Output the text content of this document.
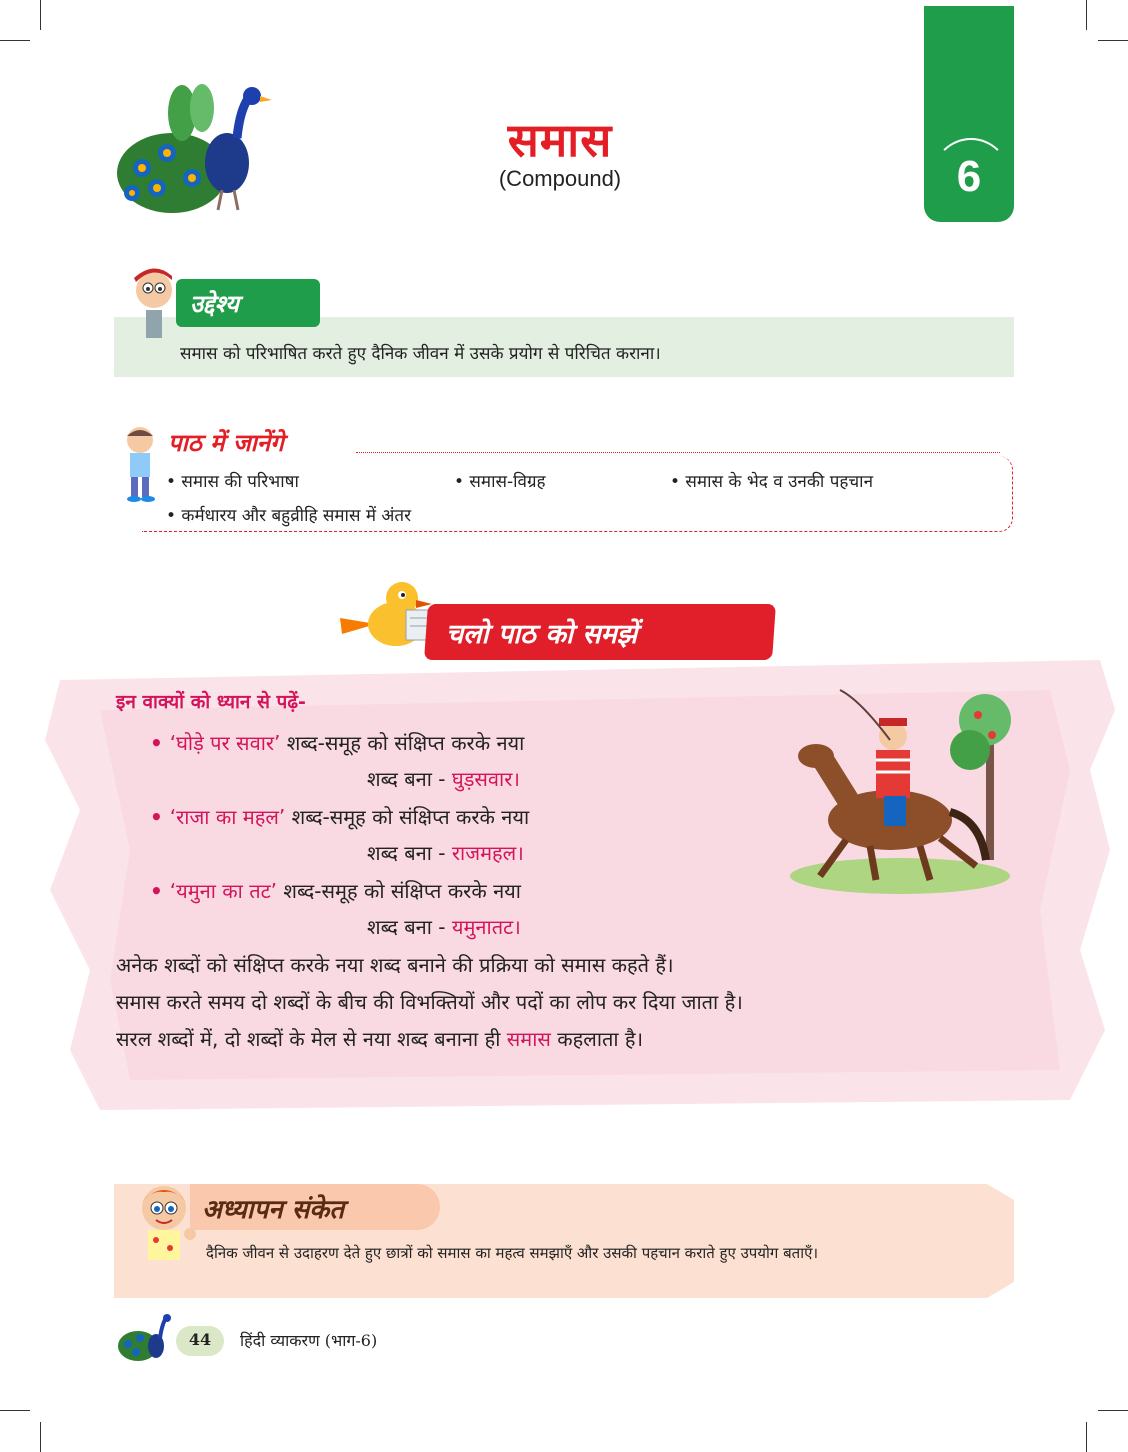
समास
(Compound)	6
समास को परिभाषित करते हुए दैनिक जीवन में उसके प्रयोग से परिचित कराना।
उद्देश्य
पाठ में जानेंगे
• समास की परिभाषा	• समास-विग्रह	• समास के भेद व उनकी पहचान
• कर्मधारय और बहुव्रीहि समास में अंतर
चलो पाठ को समझें
इन वाक्यों को ध्यान से पढ़ें-
• ‘घोड़े पर सवार’ शब्द-समूह को संक्षिप्त करके नया
शब्द बना - घुड़सवार।
• ‘राजा का महल’ शब्द-समूह को संक्षिप्त करके नया
शब्द बना - राजमहल।
• ‘यमुना का तट’ शब्द-समूह को संक्षिप्त करके नया
शब्द बना - यमुनातट।
अनेक शब्दों को संक्षिप्त करके नया शब्द बनाने की प्रक्रिया को समास कहते हैं।
समास करते समय दो शब्दों के बीच की विभक्तियों और पदों का लोप कर दिया जाता है।
सरल शब्दों में, दो शब्दों के मेल से नया शब्द बनाना ही समास कहलाता है।
अध्यापन संकेत
दैनिक जीवन से उदाहरण देते हुए छात्रों को समास का महत्व समझाएँ और उसकी पहचान कराते हुए उपयोग बताएँ।
44	हिंदी व्याकरण (भाग-6)
